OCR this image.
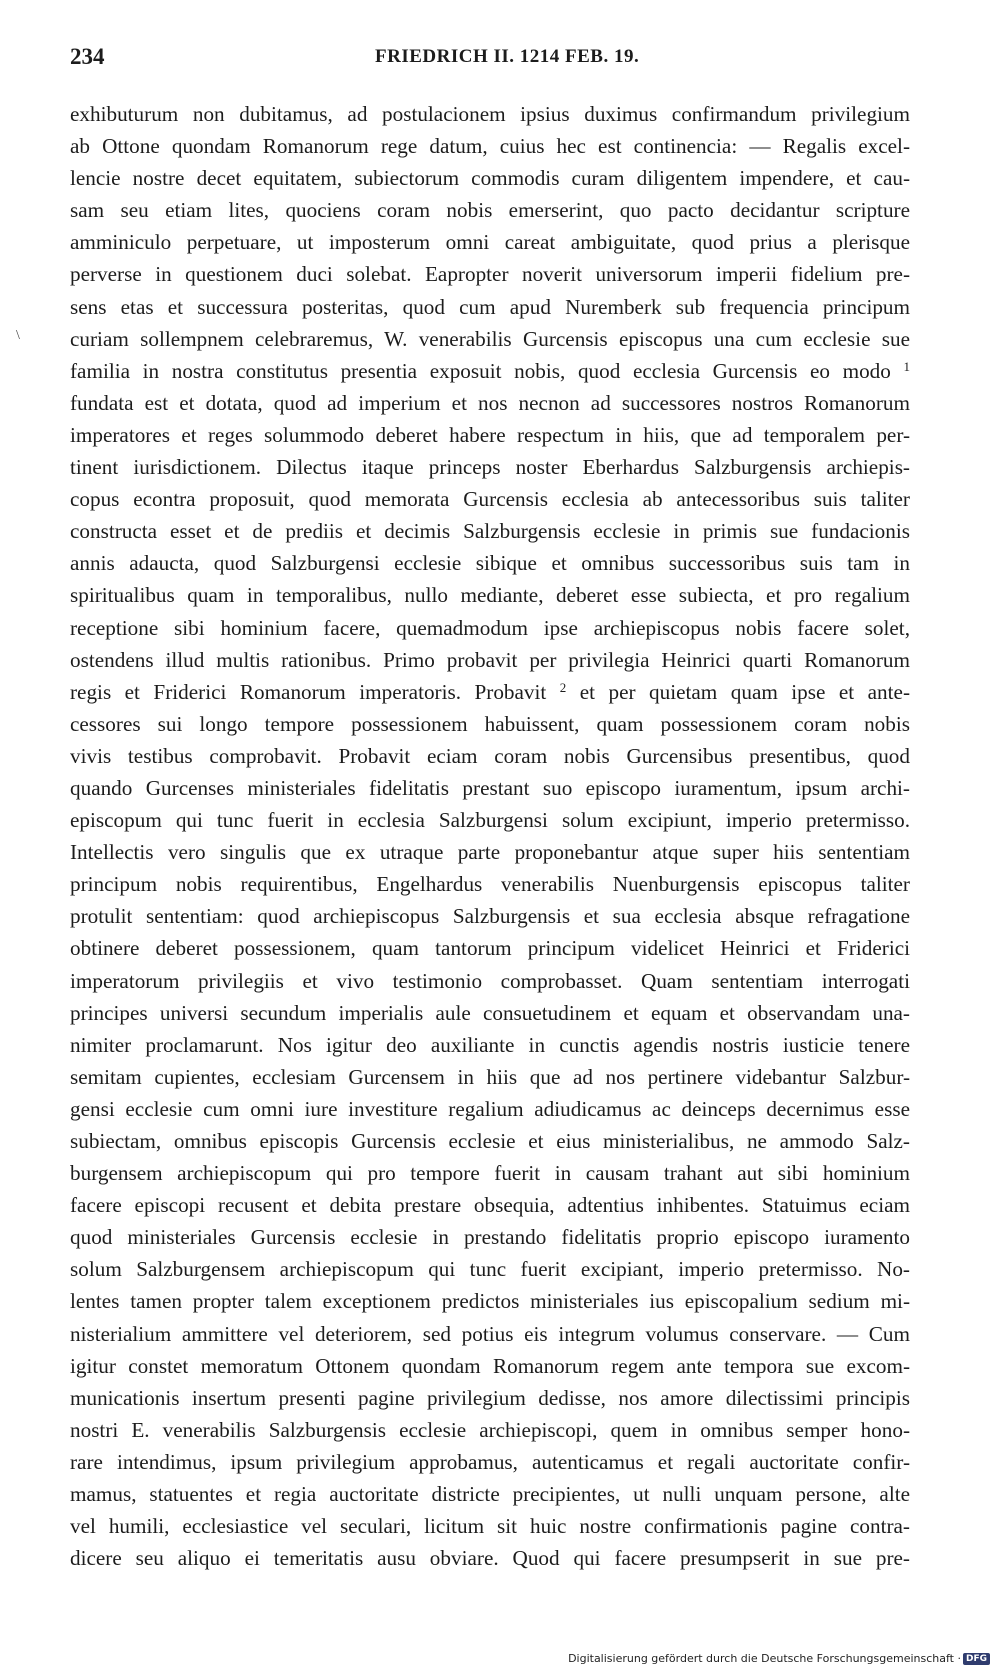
234	FRIEDRICH II. 1214 FEB. 19.
\
exhibuturum non dubitamus, ad postulacionem ipsius duximus confirmandum privilegium
ab Ottone quondam Romanorum rege datum, cuius hec est continencia: — Regalis excel-
lencie nostre decet equitatem, subiectorum commodis curam diligentem impendere, et cau-
sam seu etiam lites, quociens coram nobis emerserint, quo pacto decidantur scripture
amminiculo perpetuare, ut imposterum omni careat ambiguitate, quod prius a plerisque
perverse in questionem duci solebat. Eapropter noverit universorum imperii fidelium pre-
sens etas et successura posteritas, quod cum apud Nuremberk sub frequencia principum
curiam sollempnem celebraremus, W. venerabilis Gurcensis episcopus una cum ecclesie sue
familia in nostra constitutus presentia exposuit nobis, quod ecclesia Gurcensis eo modo $^1$
fundata est et dotata, quod ad imperium et nos necnon ad successores nostros Romanorum
imperatores et reges solummodo deberet habere respectum in hiis, que ad temporalem per-
tinent iurisdictionem. Dilectus itaque princeps noster Eberhardus Salzburgensis archiepis-
copus econtra proposuit, quod memorata Gurcensis ecclesia ab antecessoribus suis taliter
constructa esset et de prediis et decimis Salzburgensis ecclesie in primis sue fundacionis
annis adaucta, quod Salzburgensi ecclesie sibique et omnibus successoribus suis tam in
spiritualibus quam in temporalibus, nullo mediante, deberet esse subiecta, et pro regalium
receptione sibi hominium facere, quemadmodum ipse archiepiscopus nobis facere solet,
ostendens illud multis rationibus. Primo probavit per privilegia Heinrici quarti Romanorum
regis et Friderici Romanorum imperatoris. Probavit $^2$ et per quietam quam ipse et ante-
cessores sui longo tempore possessionem habuissent, quam possessionem coram nobis
vivis testibus comprobavit. Probavit eciam coram nobis Gurcensibus presentibus, quod
quando Gurcenses ministeriales fidelitatis prestant suo episcopo iuramentum, ipsum archi-
episcopum qui tunc fuerit in ecclesia Salzburgensi solum excipiunt, imperio pretermisso.
Intellectis vero singulis que ex utraque parte proponebantur atque super hiis sententiam
principum nobis requirentibus, Engelhardus venerabilis Nuenburgensis episcopus taliter
protulit sententiam: quod archiepiscopus Salzburgensis et sua ecclesia absque refragatione
obtinere deberet possessionem, quam tantorum principum videlicet Heinrici et Friderici
imperatorum privilegiis et vivo testimonio comprobasset. Quam sententiam interrogati
principes universi secundum imperialis aule consuetudinem et equam et observandam una-
nimiter proclamarunt. Nos igitur deo auxiliante in cunctis agendis nostris iusticie tenere
semitam cupientes, ecclesiam Gurcensem in hiis que ad nos pertinere videbantur Salzbur-
gensi ecclesie cum omni iure investiture regalium adiudicamus ac deinceps decernimus esse
subiectam, omnibus episcopis Gurcensis ecclesie et eius ministerialibus, ne ammodo Salz-
burgensem archiepiscopum qui pro tempore fuerit in causam trahant aut sibi hominium
facere episcopi recusent et debita prestare obsequia, adtentius inhibentes. Statuimus eciam
quod ministeriales Gurcensis ecclesie in prestando fidelitatis proprio episcopo iuramento
solum Salzburgensem archiepiscopum qui tunc fuerit excipiant, imperio pretermisso. No-
lentes tamen propter talem exceptionem predictos ministeriales ius episcopalium sedium mi-
nisterialium ammittere vel deteriorem, sed potius eis integrum volumus conservare. — Cum
igitur constet memoratum Ottonem quondam Romanorum regem ante tempora sue excom-
municationis insertum presenti pagine privilegium dedisse, nos amore dilectissimi principis
nostri E. venerabilis Salzburgensis ecclesie archiepiscopi, quem in omnibus semper hono-
rare intendimus, ipsum privilegium approbamus, autenticamus et regali auctoritate confir-
mamus, statuentes et regia auctoritate districte precipientes, ut nulli unquam persone, alte
vel humili, ecclesiastice vel seculari, licitum sit huic nostre confirmationis pagine contra-
dicere seu aliquo ei temeritatis ausu obviare. Quod qui facere presumpserit in sue pre-
Digitalisierung gefördert durch die Deutsche Forschungsgemeinschaft · DFG
